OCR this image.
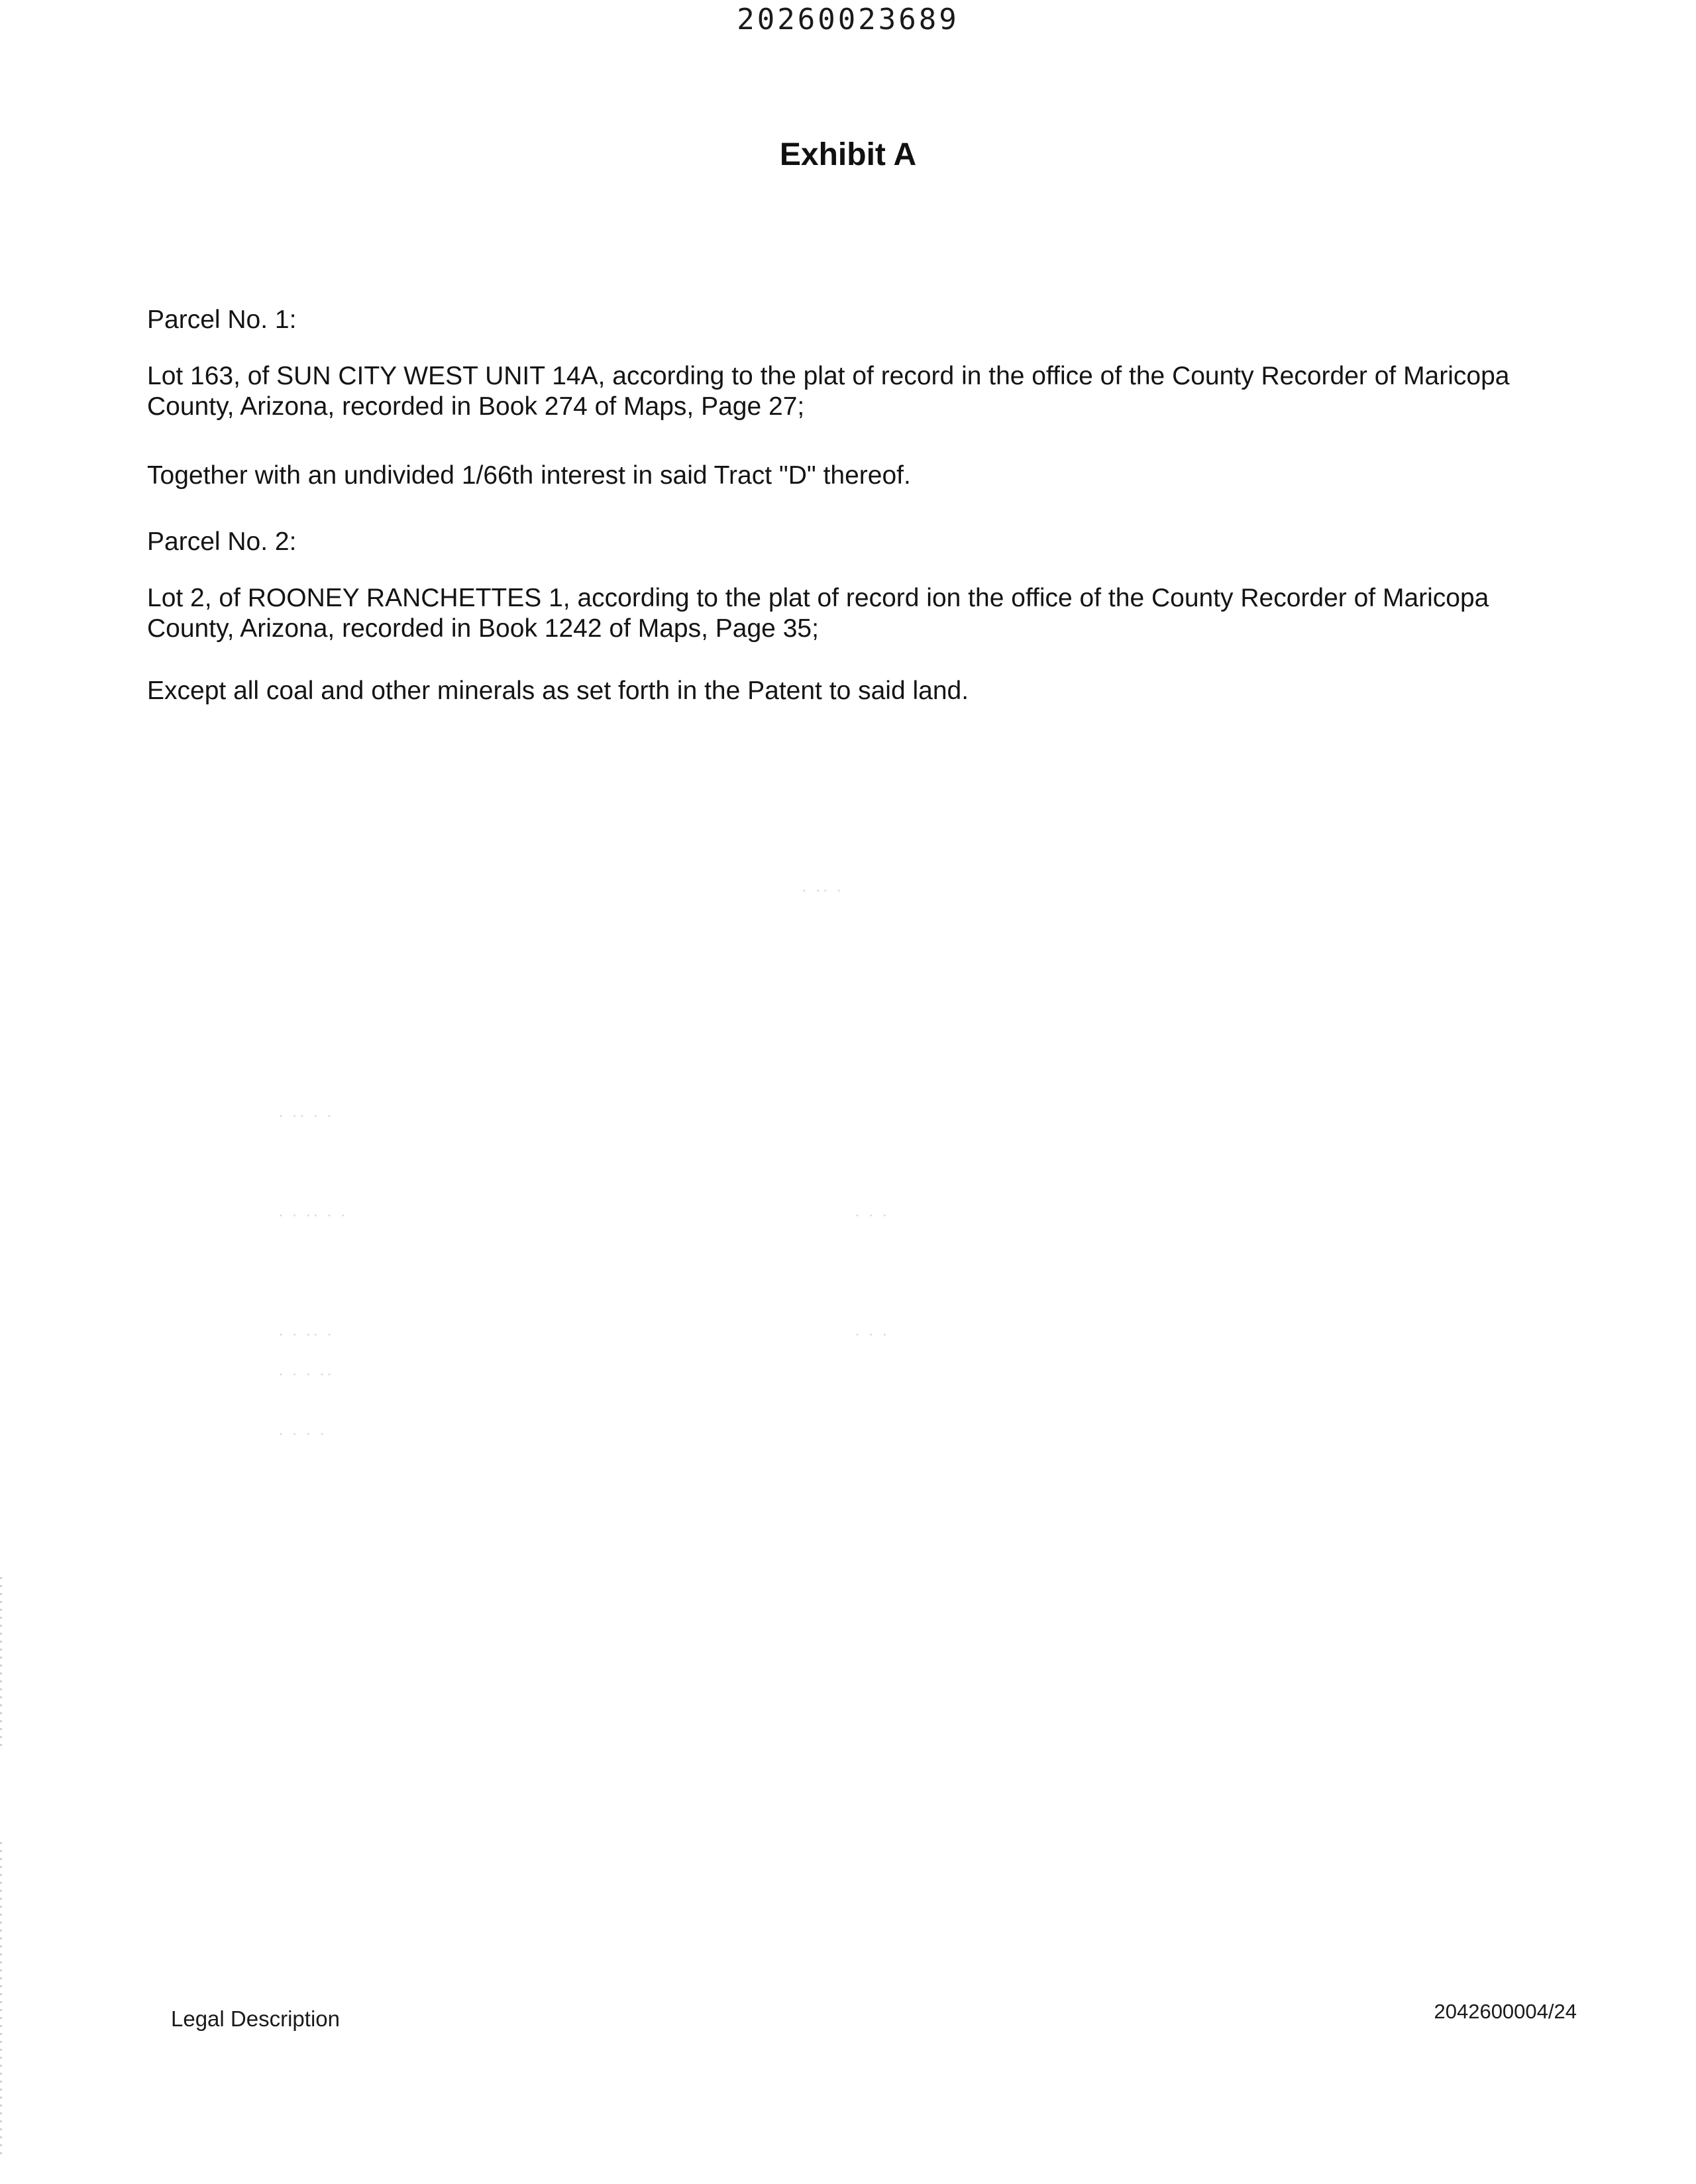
20260023689
Exhibit A
Parcel No. 1:
Lot 163, of SUN CITY WEST UNIT 14A, according to the plat of record in the office of the County Recorder of Maricopa County, Arizona, recorded in Book 274 of Maps, Page 27;
Together with an undivided 1/66th interest in said Tract "D" thereof.
Parcel No. 2:
Lot 2, of ROONEY RANCHETTES 1, according to the plat of record ion the office of the County Recorder of Maricopa County, Arizona, recorded in Book 1242 of Maps, Page 35;
Except all coal and other minerals as set forth in the Patent to said land.
· ·· ·
· ·· · ·
· · ·· · ·
· · ·· ·
· · · ··
· · · ·
· · ·
· · ·
Legal Description	2042600004/24
